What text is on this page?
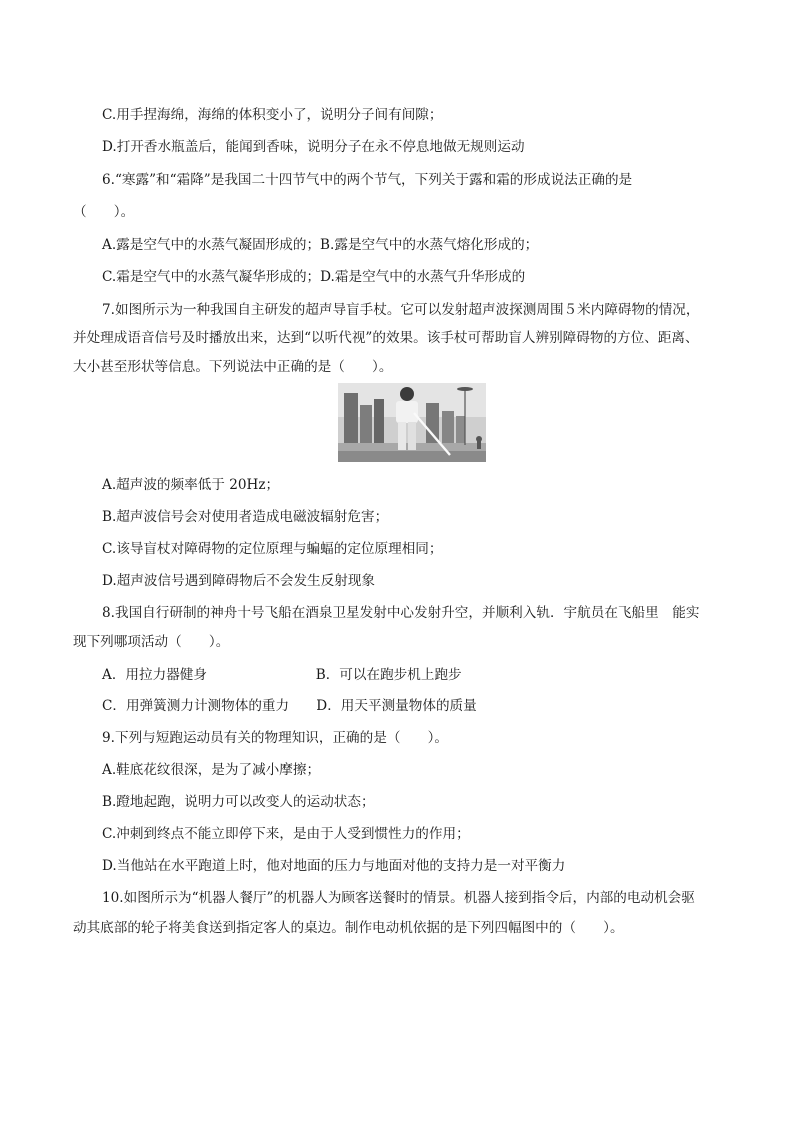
C.用手捏海绵，海绵的体积变小了，说明分子间有间隙；
D.打开香水瓶盖后，能闻到香味，说明分子在永不停息地做无规则运动
6.“寒露”和“霜降”是我国二十四节气中的两个节气，下列关于露和霜的形成说法正确的是
（　　）。
A.露是空气中的水蒸气凝固形成的；B.露是空气中的水蒸气熔化形成的；
C.霜是空气中的水蒸气凝华形成的；D.霜是空气中的水蒸气升华形成的
7.如图所示为一种我国自主研发的超声导盲手杖。它可以发射超声波探测周围５米内障碍物的情况，
并处理成语音信号及时播放出来，达到“以听代视”的效果。该手杖可帮助盲人辨别障碍物的方位、距离、
大小甚至形状等信息。下列说法中正确的是（　　）。
A.超声波的频率低于 20Hz；
B.超声波信号会对使用者造成电磁波辐射危害；
C.该导盲杖对障碍物的定位原理与蝙蝠的定位原理相同；
D.超声波信号遇到障碍物后不会发生反射现象
8.我国自行研制的神舟十号飞船在酒泉卫星发射中心发射升空，并顺利入轨．宇航员在飞船里　能实
现下列哪项活动（　　）。
A．用拉力器健身　　　　　　　　B．可以在跑步机上跑步
C．用弹簧测力计测物体的重力　　D．用天平测量物体的质量
9.下列与短跑运动员有关的物理知识，正确的是（　　）。
A.鞋底花纹很深，是为了减小摩擦；
B.蹬地起跑，说明力可以改变人的运动状态；
C.冲刺到终点不能立即停下来，是由于人受到惯性力的作用；
D.当他站在水平跑道上时，他对地面的压力与地面对他的支持力是一对平衡力
10.如图所示为“机器人餐厅”的机器人为顾客送餐时的情景。机器人接到指令后，内部的电动机会驱
动其底部的轮子将美食送到指定客人的桌边。制作电动机依据的是下列四幅图中的（　　）。
